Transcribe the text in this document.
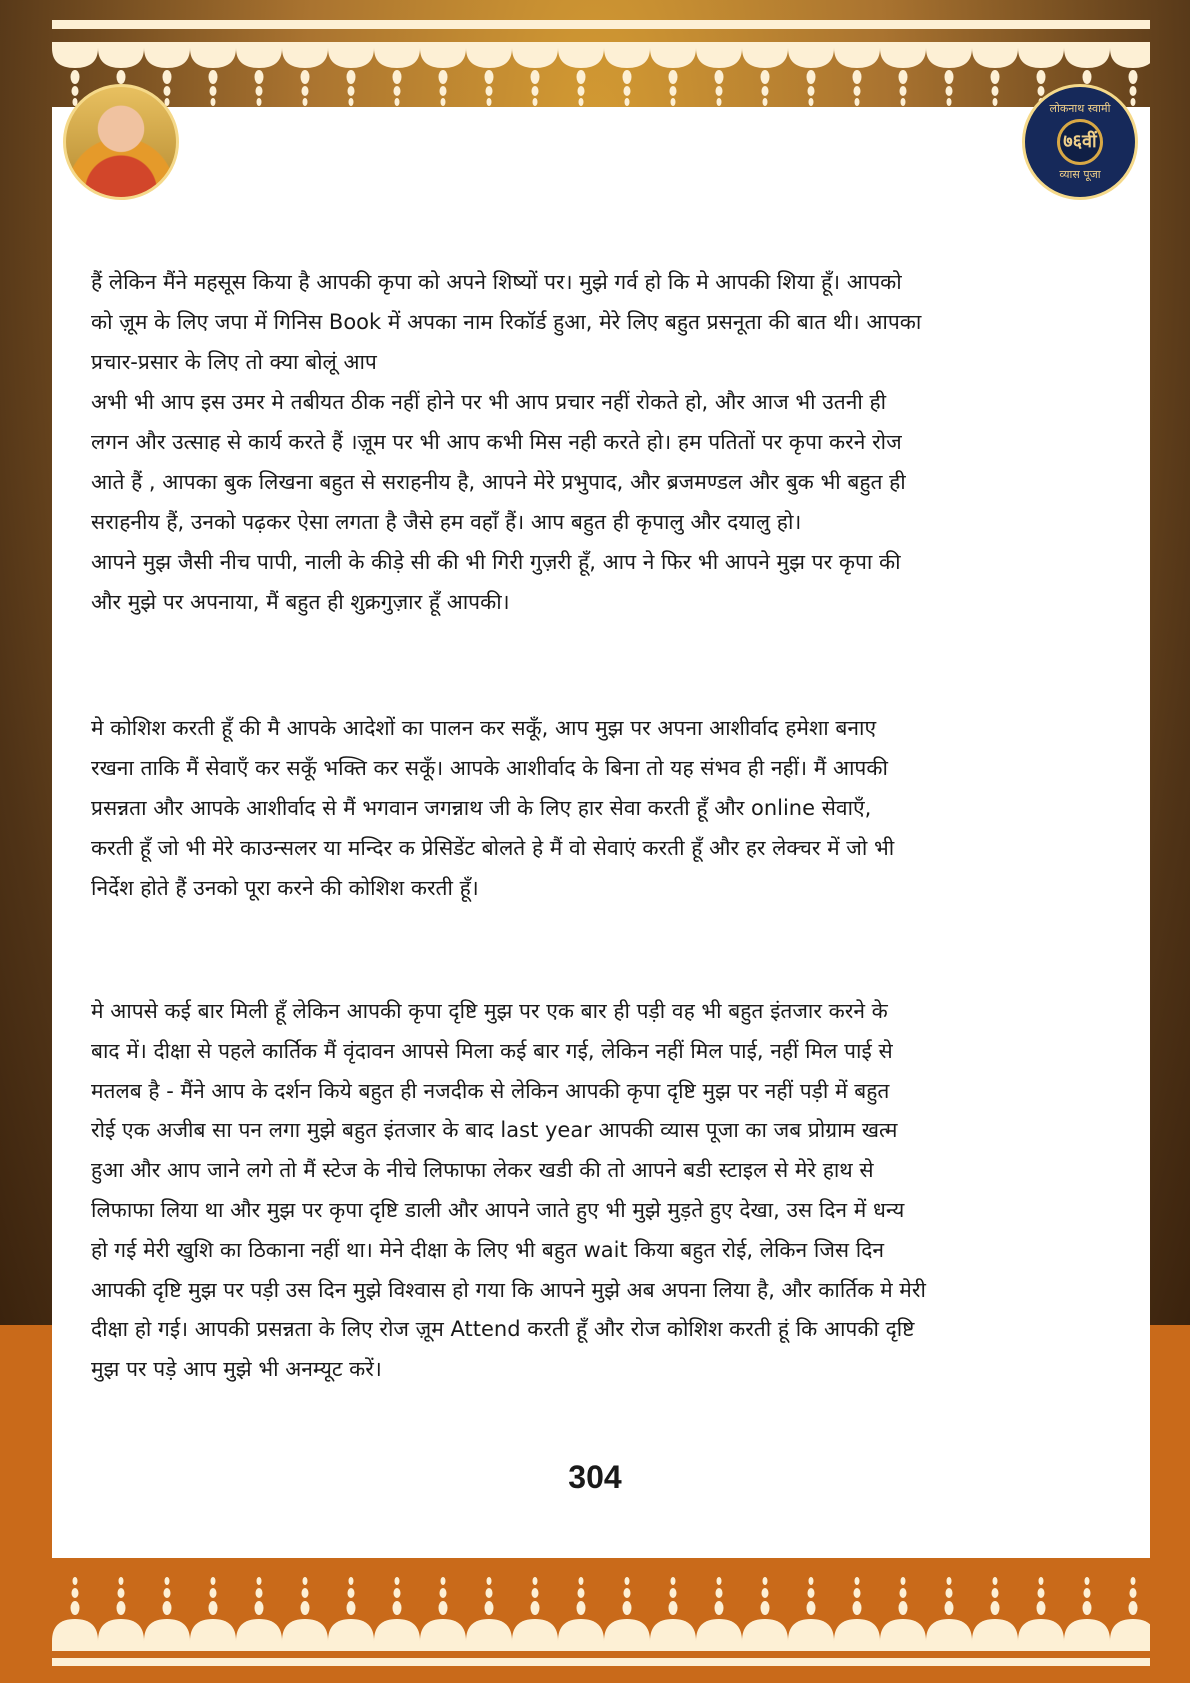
लोकनाथ स्वामी
७६वीं
व्यास पूजा
हैं लेकिन मैंने महसूस किया है आपकी कृपा को अपने शिष्यों पर। मुझे गर्व हो कि मे आपकी शिया हूँ। आपको
को ज़ूम के लिए जपा में गिनिस Book में अपका नाम रिकॉर्ड हुआ, मेरे लिए बहुत प्रसनूता की बात थी। आपका
प्रचार-प्रसार के लिए तो क्या बोलूं आप
अभी भी आप इस उमर मे तबीयत ठीक नहीं होने पर भी आप प्रचार नहीं रोकते हो, और आज भी उतनी ही
लगन और उत्साह से कार्य करते हैं ।ज़ूम पर भी आप कभी मिस नही करते हो। हम पतितों पर कृपा करने रोज
आते हैं , आपका बुक लिखना बहुत से सराहनीय है, आपने मेरे प्रभुपाद, और ब्रजमण्डल और बुक भी बहुत ही
सराहनीय हैं, उनको पढ़कर ऐसा लगता है जैसे हम वहाँ हैं। आप बहुत ही कृपालु और दयालु हो।
आपने मुझ जैसी नीच पापी, नाली के कीड़े सी की भी गिरी गुज़री हूँ, आप ने फिर भी आपने मुझ पर कृपा की
और मुझे पर अपनाया, मैं बहुत ही शुक्रगुज़ार हूँ आपकी।
मे कोशिश करती हूँ की मै आपके आदेशों का पालन कर सकूँ, आप मुझ पर अपना आशीर्वाद हमेशा बनाए
रखना ताकि मैं सेवाएँ कर सकूँ भक्ति कर सकूँ। आपके आशीर्वाद के बिना तो यह संभव ही नहीं। मैं आपकी
प्रसन्नता और आपके आशीर्वाद से मैं भगवान जगन्नाथ जी के लिए हार सेवा करती हूँ और online सेवाएँ,
करती हूँ जो भी मेरे काउन्सलर या मन्दिर क प्रेसिडेंट बोलते हे मैं वो सेवाएं करती हूँ और हर लेक्चर में जो भी
निर्देश होते हैं उनको पूरा करने की कोशिश करती हूँ।
मे आपसे कई बार मिली हूँ लेकिन आपकी कृपा दृष्टि मुझ पर एक बार ही पड़ी वह भी बहुत इंतजार करने के
बाद में। दीक्षा से पहले कार्तिक मैं वृंदावन आपसे मिला कई बार गई, लेकिन नहीं मिल पाई, नहीं मिल पाई से
मतलब है - मैंने आप के दर्शन किये बहुत ही नजदीक से लेकिन आपकी कृपा दृष्टि मुझ पर नहीं पड़ी में बहुत
रोई एक अजीब सा पन लगा मुझे बहुत इंतजार के बाद last year आपकी व्यास पूजा का जब प्रोग्राम खत्म
हुआ और आप जाने लगे तो मैं स्टेज के नीचे लिफाफा लेकर खडी की तो आपने बडी स्टाइल से मेरे हाथ से
लिफाफा लिया था और मुझ पर कृपा दृष्टि डाली और आपने जाते हुए भी मुझे मुड़ते हुए देखा, उस दिन में धन्य
हो गई मेरी खुशि का ठिकाना नहीं था। मेने दीक्षा के लिए भी बहुत wait किया बहुत रोई, लेकिन जिस दिन
आपकी दृष्टि मुझ पर पड़ी उस दिन मुझे विश्वास हो गया कि आपने मुझे अब अपना लिया है, और कार्तिक मे मेरी
दीक्षा हो गई। आपकी प्रसन्नता के लिए रोज ज़ूम Attend करती हूँ और रोज कोशिश करती हूं कि आपकी दृष्टि
मुझ पर पड़े आप मुझे भी अनम्यूट करें।
304
